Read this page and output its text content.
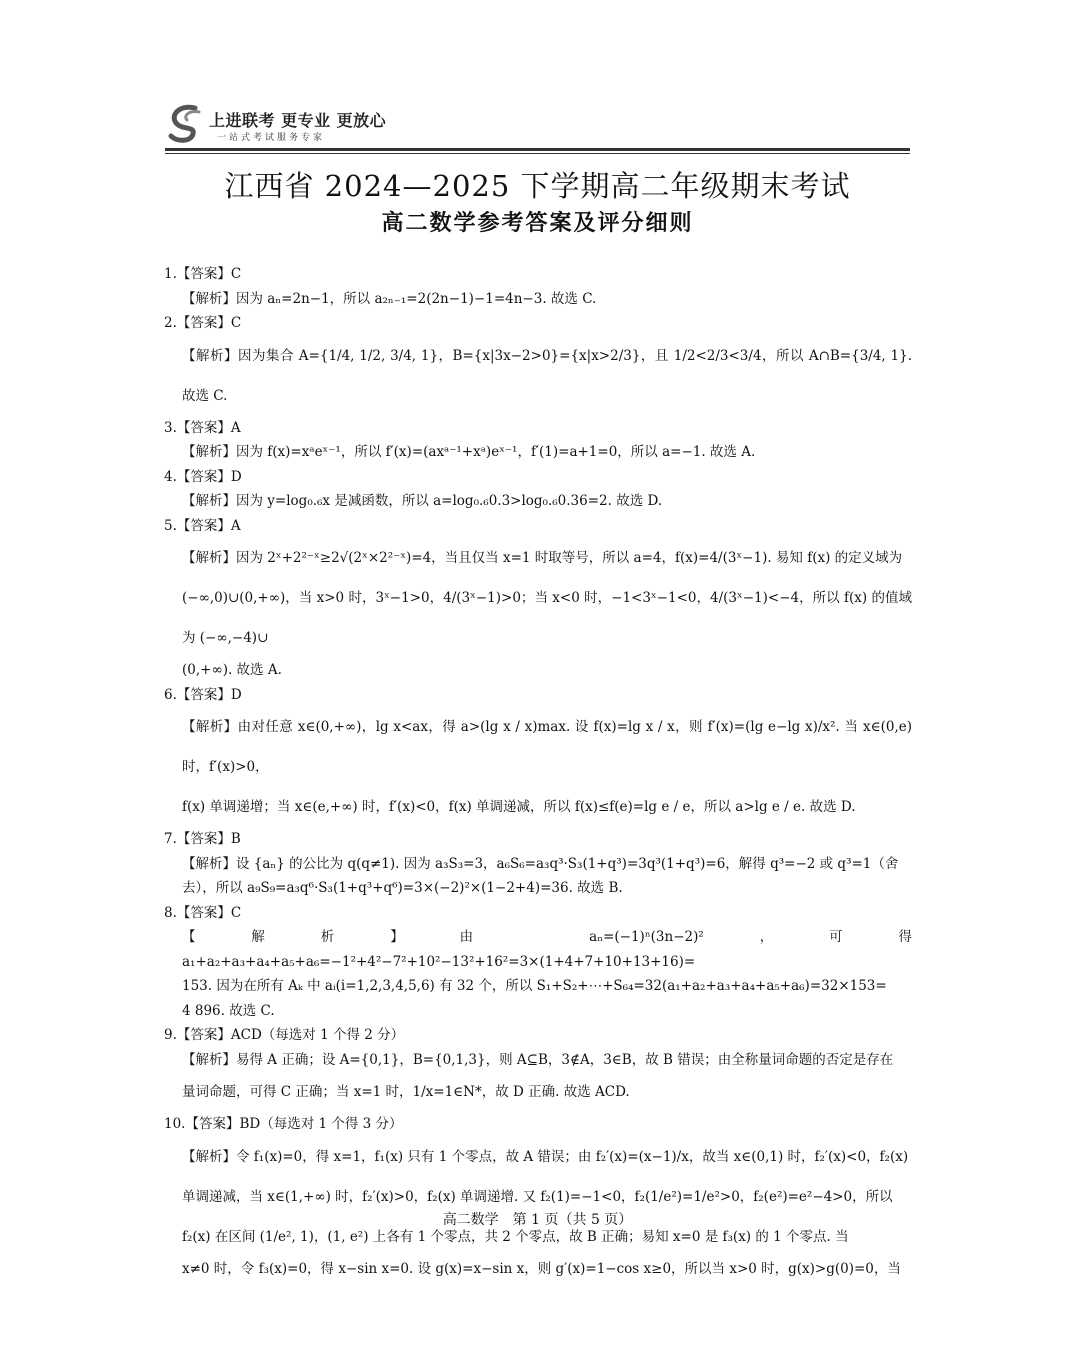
上进联考 更专业 更放心
一站式考试服务专家
江西省 2024—2025 下学期高二年级期末考试
高二数学参考答案及评分细则

1.【答案】C

【解析】因为 aₙ=2n−1，所以 a₂ₙ₋₁=2(2n−1)−1=4n−3. 故选 C.

2.【答案】C

【解析】因为集合 A={1/4, 1/2, 3/4, 1}，B={x|3x−2>0}={x|x>2/3}，且 1/2<2/3<3/4，所以 A∩B={3/4, 1}. 故选 C.

3.【答案】A

【解析】因为 f(x)=xᵃeˣ⁻¹，所以 f′(x)=(axᵃ⁻¹+xᵃ)eˣ⁻¹，f′(1)=a+1=0，所以 a=−1. 故选 A.

4.【答案】D

【解析】因为 y=log₀.₆x 是减函数，所以 a=log₀.₆0.3>log₀.₆0.36=2. 故选 D.

5.【答案】A

【解析】因为 2ˣ+2²⁻ˣ≥2√(2ˣ×2²⁻ˣ)=4，当且仅当 x=1 时取等号，所以 a=4，f(x)=4/(3ˣ−1). 易知 f(x) 的定义域为

(−∞,0)∪(0,+∞)，当 x>0 时，3ˣ−1>0，4/(3ˣ−1)>0；当 x<0 时，−1<3ˣ−1<0，4/(3ˣ−1)<−4，所以 f(x) 的值域为 (−∞,−4)∪

(0,+∞). 故选 A.

6.【答案】D

【解析】由对任意 x∈(0,+∞)，lg x<ax，得 a>(lg x / x)max. 设 f(x)=lg x / x，则 f′(x)=(lg e−lg x)/x². 当 x∈(0,e) 时，f′(x)>0，

f(x) 单调递增；当 x∈(e,+∞) 时，f′(x)<0，f(x) 单调递减，所以 f(x)≤f(e)=lg e / e，所以 a>lg e / e. 故选 D.

7.【答案】B

【解析】设 {aₙ} 的公比为 q(q≠1). 因为 a₃S₃=3，a₆S₆=a₃q³·S₃(1+q³)=3q³(1+q³)=6，解得 q³=−2 或 q³=1（舍

去），所以 a₉S₉=a₃q⁶·S₃(1+q³+q⁶)=3×(−2)²×(1−2+4)=36. 故选 B.

8.【答案】C

【解析】由 aₙ=(−1)ⁿ(3n−2)²，可得 a₁+a₂+a₃+a₄+a₅+a₆=−1²+4²−7²+10²−13²+16²=3×(1+4+7+10+13+16)=

153. 因为在所有 Aₖ 中 aᵢ(i=1,2,3,4,5,6) 有 32 个，所以 S₁+S₂+⋯+S₆₄=32(a₁+a₂+a₃+a₄+a₅+a₆)=32×153=

4 896. 故选 C.

9.【答案】ACD（每选对 1 个得 2 分）

【解析】易得 A 正确；设 A={0,1}，B={0,1,3}，则 A⊆B，3∉A，3∈B，故 B 错误；由全称量词命题的否定是存在

量词命题，可得 C 正确；当 x=1 时，1/x=1∈N*，故 D 正确. 故选 ACD.

10.【答案】BD（每选对 1 个得 3 分）

【解析】令 f₁(x)=0，得 x=1，f₁(x) 只有 1 个零点，故 A 错误；由 f₂′(x)=(x−1)/x，故当 x∈(0,1) 时，f₂′(x)<0，f₂(x)

单调递减，当 x∈(1,+∞) 时，f₂′(x)>0，f₂(x) 单调递增. 又 f₂(1)=−1<0，f₂(1/e²)=1/e²>0，f₂(e²)=e²−4>0，所以

f₂(x) 在区间 (1/e², 1)，(1, e²) 上各有 1 个零点，共 2 个零点，故 B 正确；易知 x=0 是 f₃(x) 的 1 个零点. 当

x≠0 时，令 f₃(x)=0，得 x−sin x=0. 设 g(x)=x−sin x，则 g′(x)=1−cos x≥0，所以当 x>0 时，g(x)>g(0)=0，当

高二数学　第 1 页（共 5 页）
